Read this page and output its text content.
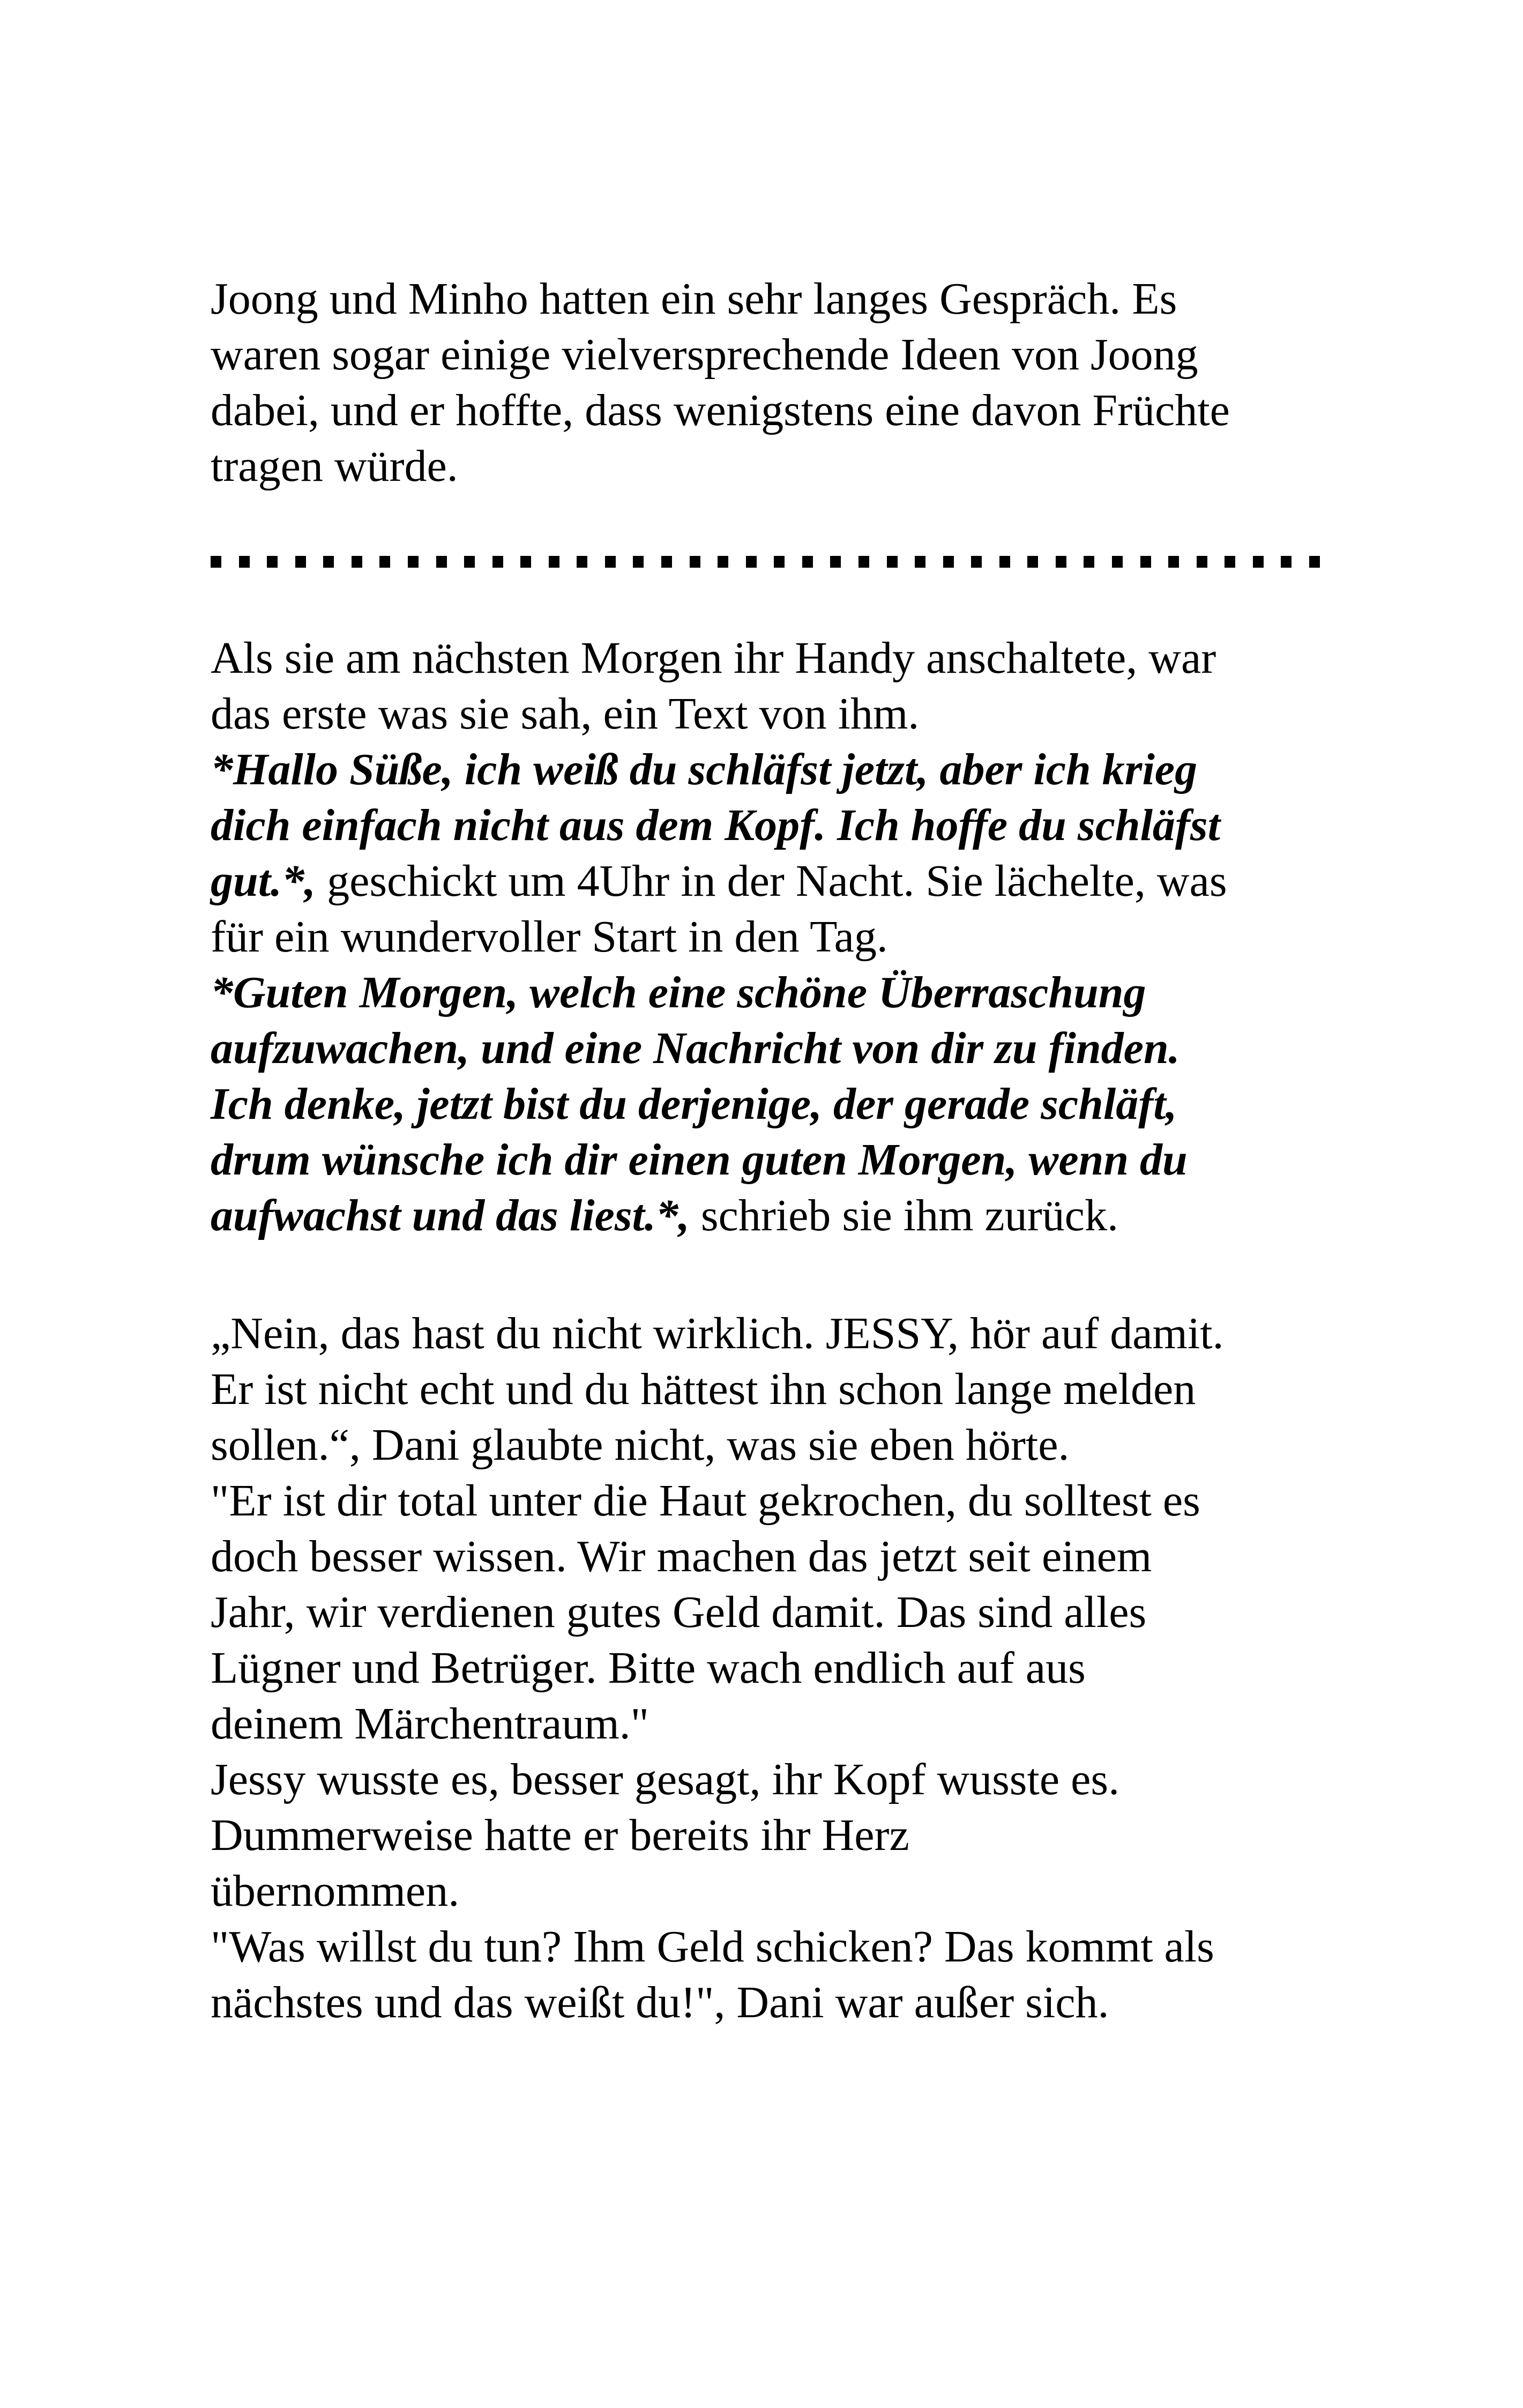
Joong und Minho hatten ein sehr langes Gespräch. Es
waren sogar einige vielversprechende Ideen von Joong
dabei, und er hoffte, dass wenigstens eine davon Früchte
tragen würde.
Als sie am nächsten Morgen ihr Handy anschaltete, war
das erste was sie sah, ein Text von ihm.
*Hallo Süße, ich weiß du schläfst jetzt, aber ich krieg
dich einfach nicht aus dem Kopf. Ich hoffe du schläfst
gut.*, geschickt um 4Uhr in der Nacht. Sie lächelte, was
für ein wundervoller Start in den Tag.
*Guten Morgen, welch eine schöne Überraschung
aufzuwachen, und eine Nachricht von dir zu finden.
Ich denke, jetzt bist du derjenige, der gerade schläft,
drum wünsche ich dir einen guten Morgen, wenn du
aufwachst und das liest.*, schrieb sie ihm zurück.
„Nein, das hast du nicht wirklich. JESSY, hör auf damit.
Er ist nicht echt und du hättest ihn schon lange melden
sollen.“, Dani glaubte nicht, was sie eben hörte.
"Er ist dir total unter die Haut gekrochen, du solltest es
doch besser wissen. Wir machen das jetzt seit einem
Jahr, wir verdienen gutes Geld damit. Das sind alles
Lügner und Betrüger. Bitte wach endlich auf aus
deinem Märchentraum."
Jessy wusste es, besser gesagt, ihr Kopf wusste es.
Dummerweise hatte er bereits ihr Herz
übernommen.
"Was willst du tun? Ihm Geld schicken? Das kommt als
nächstes und das weißt du!", Dani war außer sich.
